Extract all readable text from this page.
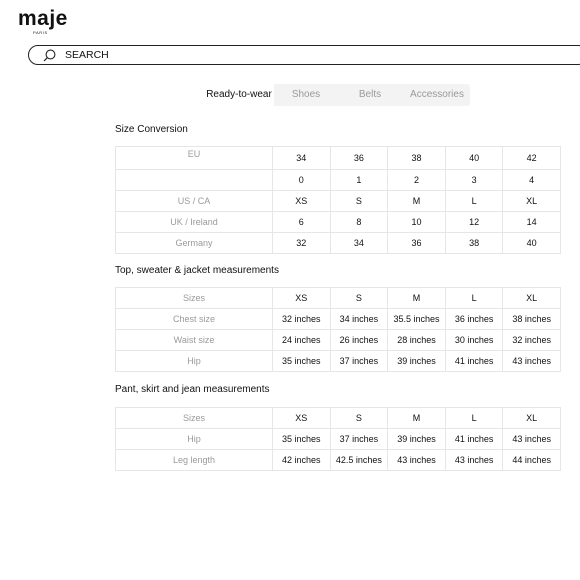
maje
PARIS
SEARCH
Ready-to-wear	Shoes	Belts	Accessories
Size Conversion
EU	34	36	38	40	42
	0	1	2	3	4
US / CA	XS	S	M	L	XL
UK / Ireland	6	8	10	12	14
Germany	32	34	36	38	40
Top, sweater & jacket measurements
Sizes	XS	S	M	L	XL
Chest size	32 inches	34 inches	35.5 inches	36 inches	38 inches
Waist size	24 inches	26 inches	28 inches	30 inches	32 inches
Hip	35 inches	37 inches	39 inches	41 inches	43 inches
Pant, skirt and jean measurements
Sizes	XS	S	M	L	XL
Hip	35 inches	37 inches	39 inches	41 inches	43 inches
Leg length	42 inches	42.5 inches	43 inches	43 inches	44 inches
